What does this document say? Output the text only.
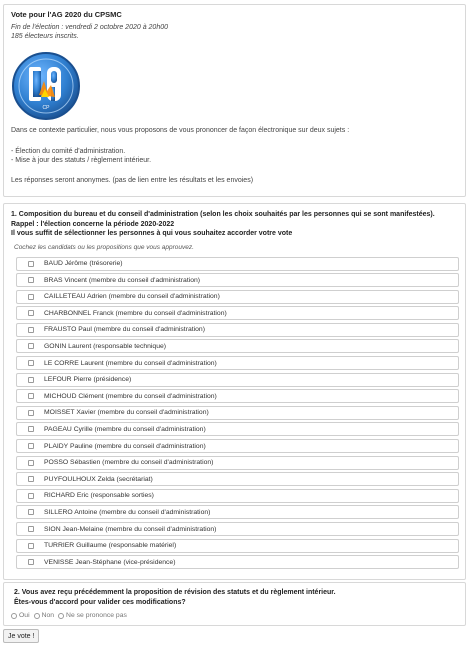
Vote pour l'AG 2020 du CPSMC
Fin de l'élection : vendredi 2 octobre 2020 à 20h00
185 électeurs inscrits.
CP
Dans ce contexte particulier, nous vous proposons de vous prononcer de façon électronique sur deux sujets :
- Élection du comité d'administration.
- Mise à jour des statuts / règlement intérieur.
Les réponses seront anonymes. (pas de lien entre les résultats et les envoies)
1. Composition du bureau et du conseil d'administration (selon les choix souhaités par les personnes qui se sont manifestées).
Rappel : l'élection concerne la période 2020-2022
Il vous suffit de sélectionner les personnes à qui vous souhaitez accorder votre vote
Cochez les candidats ou les propositions que vous approuvez.
BAUD Jérôme (trésorerie)
BRAS Vincent (membre du conseil d'administration)
CAILLETEAU Adrien (membre du conseil d'administration)
CHARBONNEL Franck (membre du conseil d'administration)
FRAUSTO Paul (membre du conseil d'administration)
GONIN Laurent (responsable technique)
LE CORRE Laurent (membre du conseil d'administration)
LEFOUR Pierre (présidence)
MICHOUD Clément (membre du conseil d'administration)
MOISSET Xavier (membre du conseil d'administration)
PAGEAU Cyrille (membre du conseil d'administration)
PLAIDY Pauline (membre du conseil d'administration)
POSSO Sébastien (membre du conseil d'administration)
PUYFOULHOUX Zelda (secrétariat)
RICHARD Eric (responsable sorties)
SILLERO Antoine (membre du conseil d'administration)
SION Jean-Melaine (membre du conseil d'administration)
TURRIER Guillaume (responsable matériel)
VENISSE Jean-Stéphane (vice-présidence)
2. Vous avez reçu précédemment la proposition de révision des statuts et du règlement intérieur.
Êtes-vous d'accord pour valider ces modifications?
Oui Non Ne se prononce pas
Je vote !
